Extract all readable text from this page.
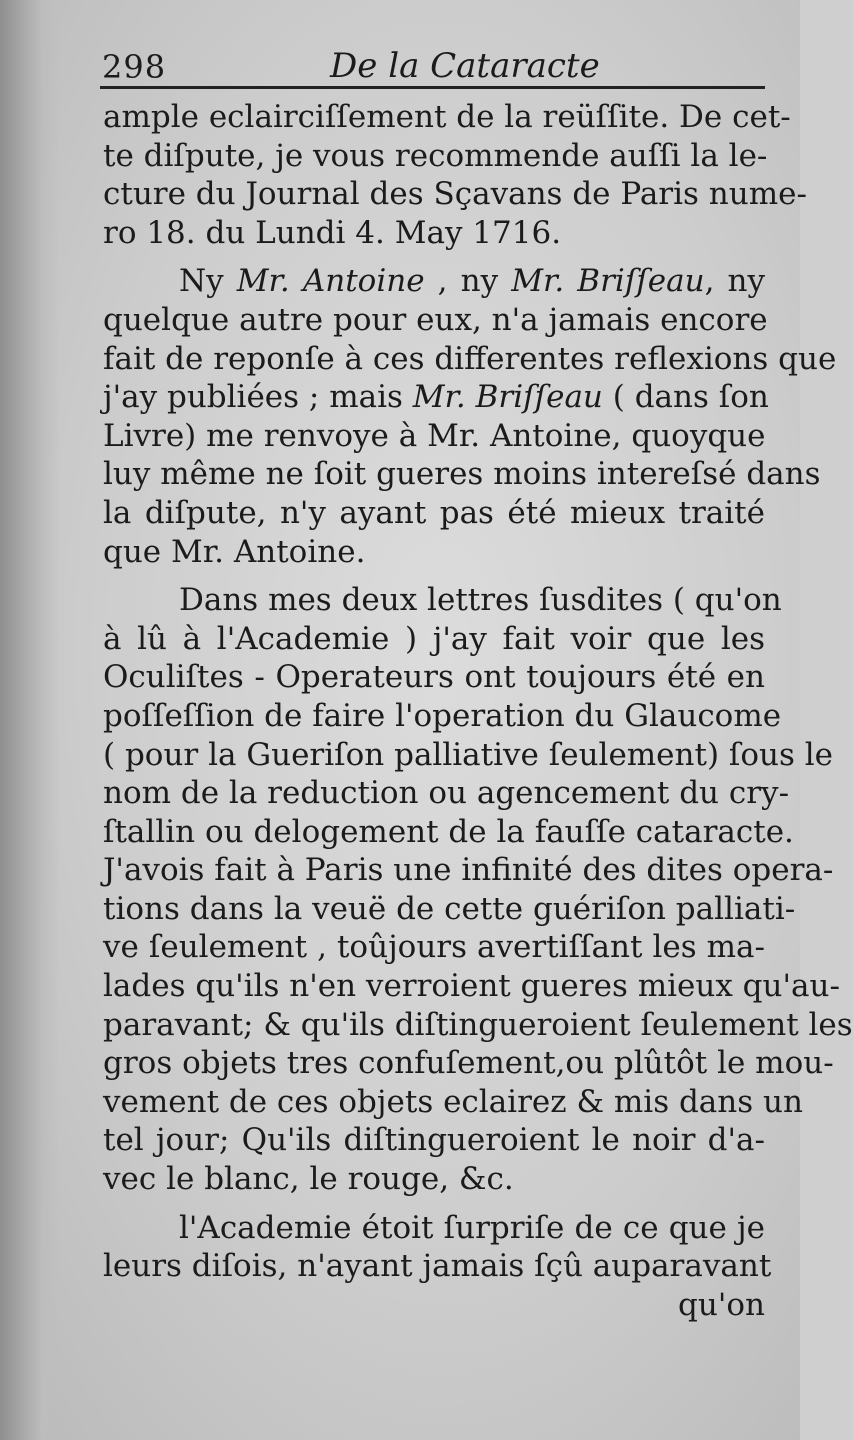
298	De la Cataracte
ample eclairciſſement de la reüſſite. De cet-
te diſpute, je vous recommende auſſi la le-
cture du Journal des Sçavans de Paris nume-
ro 18. du Lundi 4. May 1716.
Ny Mr. Antoine , ny Mr. Briſſeau, ny
quelque autre pour eux, n'a jamais encore
fait de reponſe à ces differentes reflexions que
j'ay publiées ; mais Mr. Briſſeau ( dans ſon
Livre) me renvoye à Mr. Antoine, quoyque
luy même ne ſoit gueres moins intereſsé dans
la diſpute, n'y ayant pas été mieux traité
que Mr. Antoine.
Dans mes deux lettres ſusdites ( qu'on
à lû à l'Academie ) j'ay fait voir que les
Oculiſtes - Operateurs ont toujours été en
poſſeſſion de faire l'operation du Glaucome
( pour la Gueriſon palliative ſeulement) ſous le
nom de la reduction ou agencement du cry-
ſtallin ou delogement de la fauſſe cataracte.
J'avois fait à Paris une infinité des dites opera-
tions dans la veuë de cette guériſon palliati-
ve ſeulement , toûjours avertiſſant les ma-
lades qu'ils n'en verroient gueres mieux qu'au-
paravant; & qu'ils diſtingueroient ſeulement les
gros objets tres confuſement,ou plûtôt le mou-
vement de ces objets eclairez & mis dans un
tel jour; Qu'ils diſtingueroient le noir d'a-
vec le blanc, le rouge, &c.
l'Academie étoit ſurpriſe de ce que je
leurs diſois, n'ayant jamais ſçû auparavant
qu'on
